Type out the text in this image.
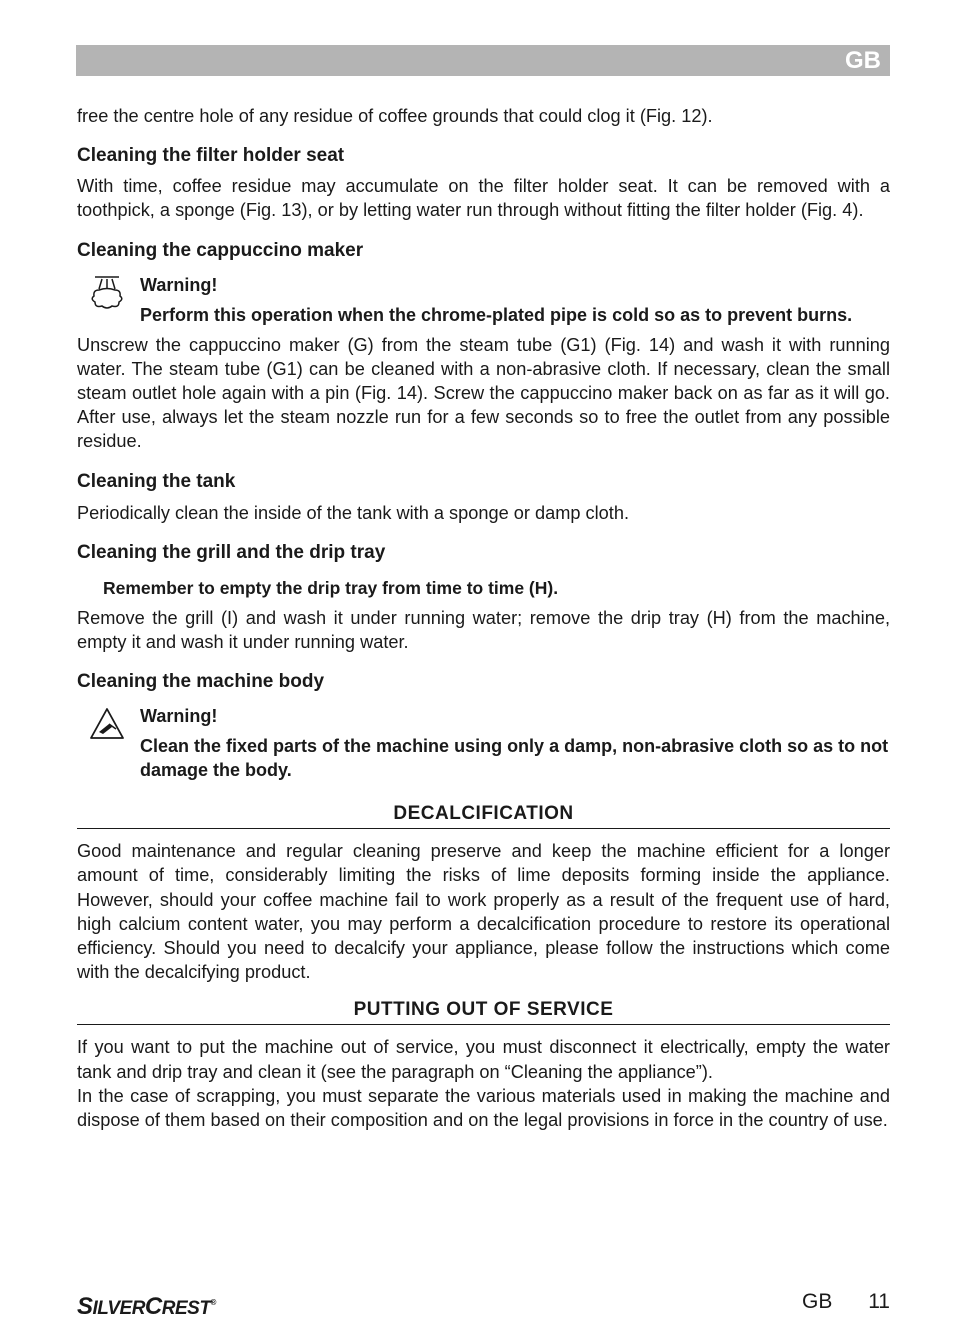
GB

free the centre hole of any residue of coffee grounds that could clog it (Fig. 12).

Cleaning the filter holder seat

With time, coffee residue may accumulate on the filter holder seat. It can be removed with a toothpick, a sponge (Fig. 13), or by letting water run through without fitting the filter holder (Fig. 4).

Cleaning the cappuccino maker
Warning!
Perform this operation when the chrome-plated pipe is cold so as to prevent burns.

Unscrew the cappuccino maker (G) from the steam tube (G1) (Fig. 14) and wash it with running water. The steam tube (G1) can be cleaned with a non-abrasive cloth. If necessary, clean the small steam outlet hole again with a pin (Fig. 14). Screw the cappuccino maker back on as far as it will go. After use, always let the steam nozzle run for a few seconds so to free the outlet from any possible residue.

Cleaning the tank

Periodically clean the inside of the tank with a sponge or damp cloth.

Cleaning the grill and the drip tray
Remember to empty the drip tray from time to time (H).

Remove the grill (I) and wash it under running water; remove the drip tray (H) from the machine, empty it and wash it under running water.

Cleaning the machine body
Warning!
Clean the fixed parts of the machine using only a damp, non-abrasive cloth so as to not damage the body.
DECALCIFICATION

Good maintenance and regular cleaning preserve and keep the machine efficient for a longer amount of time, considerably limiting the risks of lime deposits forming inside the appliance. However, should your coffee machine fail to work properly as a result of the frequent use of hard, high calcium content water, you may perform a decalcification procedure to restore its operational efficiency. Should you need to decalcify your appliance, please follow the instructions which come with the decalcifying product.

PUTTING OUT OF SERVICE

If you want to put the machine out of service, you must disconnect it electrically, empty the water tank and drip tray and clean it (see the paragraph on “Cleaning the appliance”).

In the case of scrapping, you must separate the various materials used in making the machine and dispose of them based on their composition and on the legal provisions in force in the country of use.

SILVERCREST®	GB 11
